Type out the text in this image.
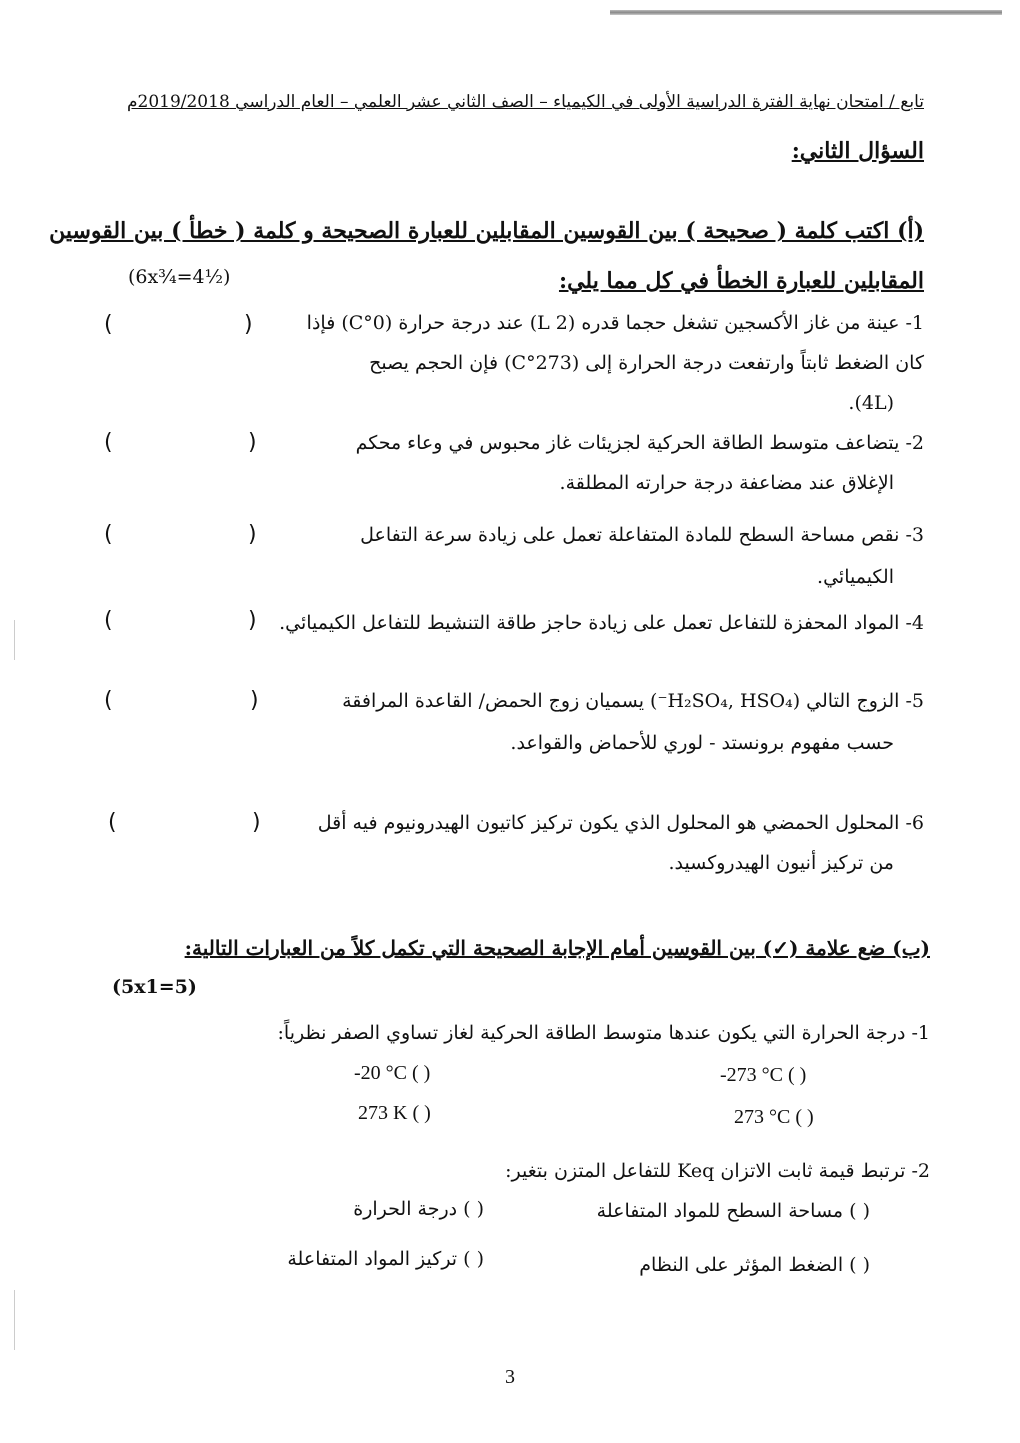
تابع / امتحان نهاية الفترة الدراسية الأولى في الكيمياء – الصف الثاني عشر العلمي – العام الدراسي 2019/2018م
السؤال الثاني:
(أ) اكتب كلمة ( صحيحة ) بين القوسين المقابلين للعبارة الصحيحة و كلمة ( خطأ ) بين القوسين
المقابلين للعبارة الخطأ في كل مما يلي:
(6x¾=4½)
1- عينة من غاز الأكسجين تشغل حجما قدره (2 L) عند درجة حرارة (0°C) فإذا
كان الضغط ثابتاً وارتفعت درجة الحرارة إلى (273°C) فإن الحجم يصبح
(4L).
(	)
2- يتضاعف متوسط الطاقة الحركية لجزيئات غاز محبوس في وعاء محكم
الإغلاق عند مضاعفة درجة حرارته المطلقة.
(	)
3- نقص مساحة السطح للمادة المتفاعلة تعمل على زيادة سرعة التفاعل
الكيميائي.
(	)
4- المواد المحفزة للتفاعل تعمل على زيادة حاجز طاقة التنشيط للتفاعل الكيميائي.
(	)
5- الزوج التالي (H₂SO₄, HSO₄⁻) يسميان زوج الحمض/ القاعدة المرافقة
حسب مفهوم برونستد - لوري للأحماض والقواعد.
(	)
6- المحلول الحمضي هو المحلول الذي يكون تركيز كاتيون الهيدرونيوم فيه أقل
من تركيز أنيون الهيدروكسيد.
(	)
(ب) ضع علامة (✓) بين القوسين أمام الإجابة الصحيحة التي تكمل كلاً من العبارات التالية:
(5x1=5)
1- درجة الحرارة التي يكون عندها متوسط الطاقة الحركية لغاز تساوي الصفر نظرياً:
-273 °C ( )
-20 °C ( )
273 °C ( )
273 K ( )
2- ترتبط قيمة ثابت الاتزان Keq للتفاعل المتزن بتغير:
( ) مساحة السطح للمواد المتفاعلة
( ) درجة الحرارة
( ) الضغط المؤثر على النظام
( ) تركيز المواد المتفاعلة
3
